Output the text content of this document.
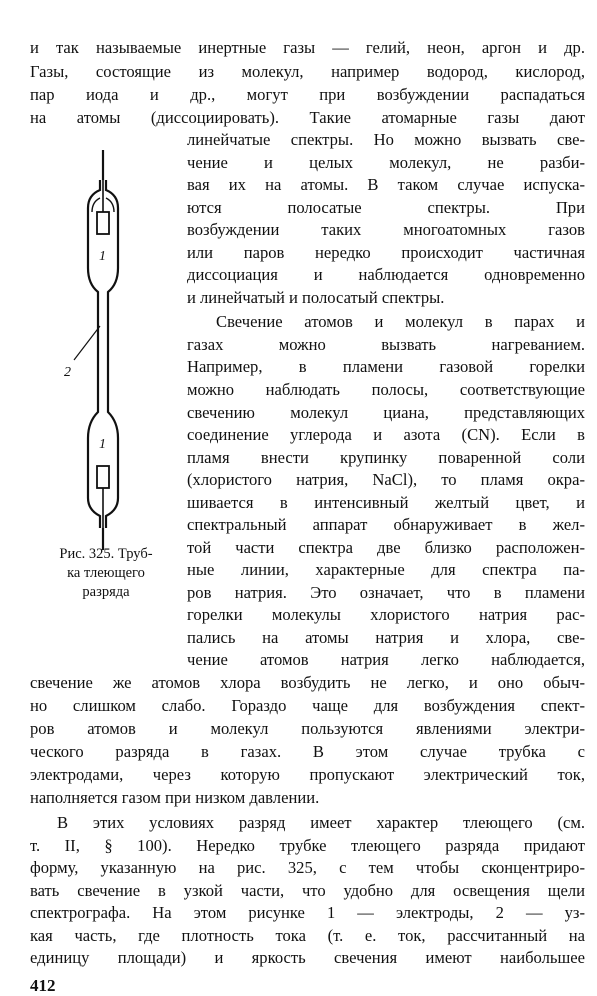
и так называемые инертные газы — гелий, неон, аргон и др.
Газы, состоящие из молекул, например водород, кислород,
пар иода и др., могут при возбуждении распадаться
на атомы (диссоциировать). Такие атомарные газы дают
линейчатые спектры. Но можно вызвать све-
чение и целых молекул, не разби-
вая их на атомы. В таком случае испуска-
ются полосатые спектры. При
возбуждении таких многоатомных газов
или паров нередко происходит частичная
диссоциация и наблюдается одновременно
и линейчатый и полосатый спектры.
Свечение атомов и молекул в парах и
газах можно вызвать нагреванием.
Например, в пламени газовой горелки
можно наблюдать полосы, соответствующие
свечению молекул циана, представляющих
соединение углерода и азота (CN). Если в
пламя внести крупинку поваренной соли
(хлористого натрия, NaCl), то пламя окра-
шивается в интенсивный желтый цвет, и
спектральный аппарат обнаруживает в жел-
той части спектра две близко расположен-
ные линии, характерные для спектра па-
ров натрия. Это означает, что в пламени
горелки молекулы хлористого натрия рас-
пались на атомы натрия и хлора, све-
чение атомов натрия легко наблюдается,
свечение же атомов хлора возбудить не легко, и оно обыч-
но слишком слабо. Гораздо чаще для возбуждения спект-
ров атомов и молекул пользуются явлениями электри-
ческого разряда в газах. В этом случае трубка с
электродами, через которую пропускают электрический ток,
наполняется газом при низком давлении.
В этих условиях разряд имеет характер тлеющего (см.
т. II, § 100). Нередко трубке тлеющего разряда придают
форму, указанную на рис. 325, с тем чтобы сконцентриро-
вать свечение в узкой части, что удобно для освещения щели
спектрографа. На этом рисунке 1 — электроды, 2 — уз-
кая часть, где плотность тока (т. е. ток, рассчитанный на
единицу площади) и яркость свечения имеют наибольшее
1
2
1
Рис. 325. Труб-
ка тлеющего
разряда
412
